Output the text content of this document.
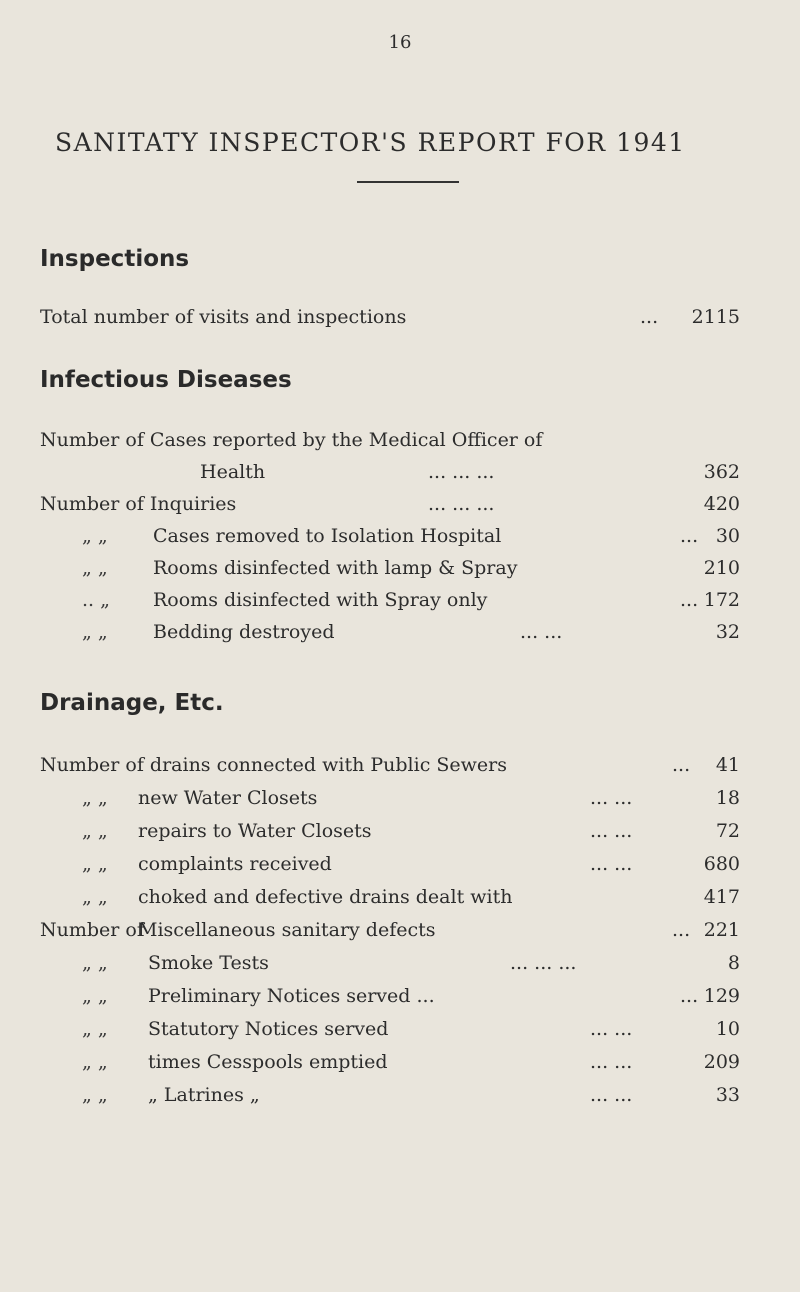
16
SANITATY INSPECTOR'S REPORT FOR 1941
Inspections
Total number of visits and inspections	... 2115
Infectious Diseases
Number of Cases reported by the Medical Officer of
Health	... ... ...	362
Number of Inquiries	... ... ...	420
„ „ Cases removed to Isolation Hospital	... 30
„ „ Rooms disinfected with lamp & Spray	210
.. „ Rooms disinfected with Spray only	... 172
„ „ Bedding destroyed	... ...	32
Drainage, Etc.
Number of drains connected with Public Sewers	... 41
„ „ new Water Closets	... ...	18
„ „ repairs to Water Closets	... ...	72
„ „ complaints received	... ...	680
„ „ choked and defective drains dealt with	417
Number of
Miscellaneous sanitary defects	... 221
„ „ Smoke Tests	... ... ...	8
„ „ Preliminary Notices served ...	... 129
„ „ Statutory Notices served	... ...	10
„ „ times Cesspools emptied	... ...	209
„ „ „ Latrines „	... ...	33
